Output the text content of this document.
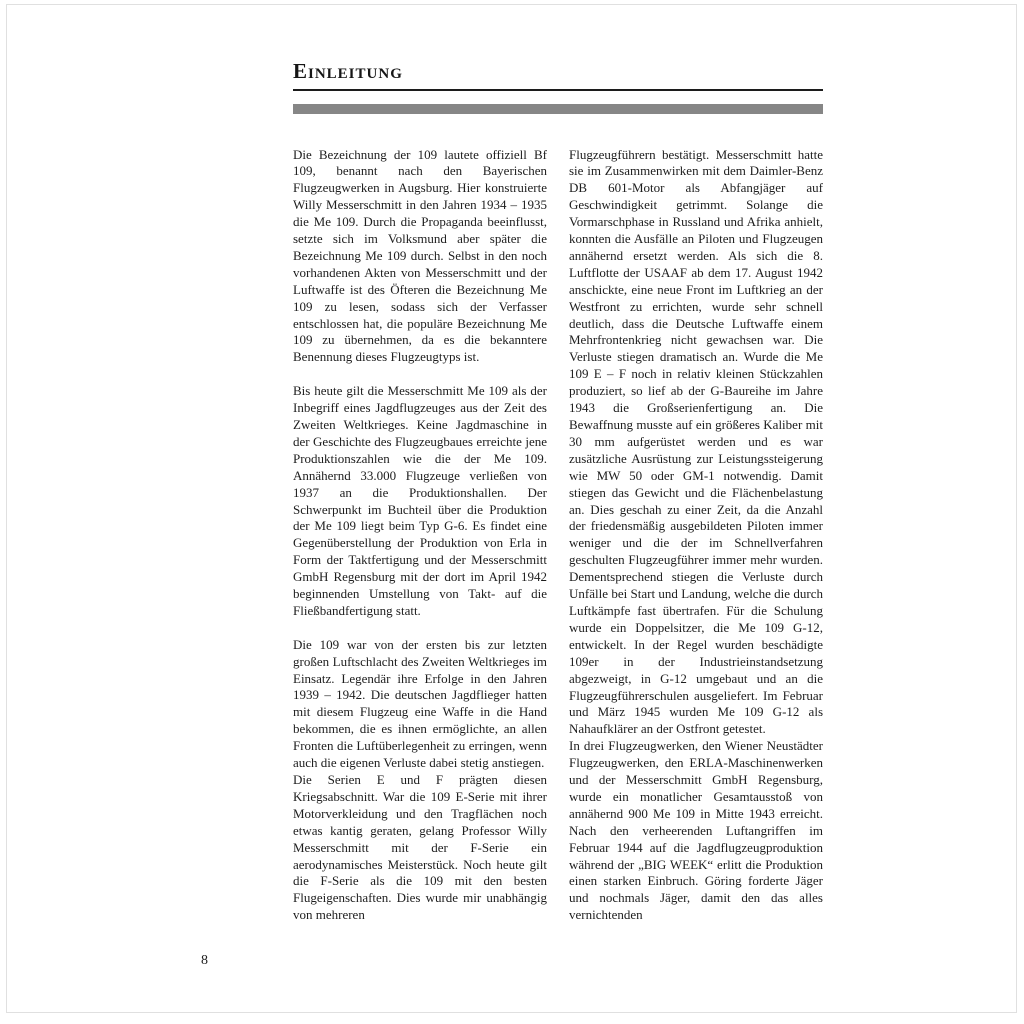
Einleitung

Die Bezeichnung der 109 lautete offiziell Bf 109, benannt nach den Bayerischen Flugzeugwerken in Augsburg. Hier konstruierte Willy Messerschmitt in den Jahren 1934 – 1935 die Me 109. Durch die Propaganda beeinflusst, setzte sich im Volksmund aber später die Bezeichnung Me 109 durch. Selbst in den noch vorhandenen Akten von Messerschmitt und der Luftwaffe ist des Öfteren die Bezeichnung Me 109 zu lesen, sodass sich der Verfasser entschlossen hat, die populäre Bezeichnung Me 109 zu übernehmen, da es die bekanntere Benennung dieses Flugzeugtyps ist.

Bis heute gilt die Messerschmitt Me 109 als der Inbegriff eines Jagdflugzeuges aus der Zeit des Zweiten Weltkrieges. Keine Jagdmaschine in der Geschichte des Flugzeugbaues erreichte jene Produktionszahlen wie die der Me 109. Annähernd 33.000 Flugzeuge verließen von 1937 an die Produktionshallen. Der Schwerpunkt im Buchteil über die Produktion der Me 109 liegt beim Typ G-6. Es findet eine Gegenüberstellung der Produktion von Erla in Form der Taktfertigung und der Messerschmitt GmbH Regensburg mit der dort im April 1942 beginnenden Umstellung von Takt- auf die Fließbandfertigung statt.

Die 109 war von der ersten bis zur letzten großen Luftschlacht des Zweiten Weltkrieges im Einsatz. Legendär ihre Erfolge in den Jahren 1939 – 1942. Die deutschen Jagdflieger hatten mit diesem Flugzeug eine Waffe in die Hand bekommen, die es ihnen ermöglichte, an allen Fronten die Luftüberlegenheit zu erringen, wenn auch die eigenen Verluste dabei stetig anstiegen.

Die Serien E und F prägten diesen Kriegsabschnitt. War die 109 E-Serie mit ihrer Motorverkleidung und den Tragflächen noch etwas kantig geraten, gelang Professor Willy Messerschmitt mit der F-Serie ein aerodynamisches Meisterstück. Noch heute gilt die F-Serie als die 109 mit den besten Flugeigenschaften. Dies wurde mir unabhängig von mehreren

Flugzeugführern bestätigt. Messerschmitt hatte sie im Zusammenwirken mit dem Daimler-Benz DB 601-Motor als Abfangjäger auf Geschwindigkeit getrimmt. Solange die Vormarschphase in Russland und Afrika anhielt, konnten die Ausfälle an Piloten und Flugzeugen annähernd ersetzt werden. Als sich die 8. Luftflotte der USAAF ab dem 17. August 1942 anschickte, eine neue Front im Luftkrieg an der Westfront zu errichten, wurde sehr schnell deutlich, dass die Deutsche Luftwaffe einem Mehrfrontenkrieg nicht gewachsen war. Die Verluste stiegen dramatisch an. Wurde die Me 109 E – F noch in relativ kleinen Stückzahlen produziert, so lief ab der G-Baureihe im Jahre 1943 die Großserienfertigung an. Die Bewaffnung musste auf ein größeres Kaliber mit 30 mm aufgerüstet werden und es war zusätzliche Ausrüstung zur Leistungssteigerung wie MW 50 oder GM-1 notwendig. Damit stiegen das Gewicht und die Flächenbelastung an. Dies geschah zu einer Zeit, da die Anzahl der friedensmäßig ausgebildeten Piloten immer weniger und die der im Schnellverfahren geschulten Flugzeugführer immer mehr wurden. Dementsprechend stiegen die Verluste durch Unfälle bei Start und Landung, welche die durch Luftkämpfe fast übertrafen. Für die Schulung wurde ein Doppelsitzer, die Me 109 G-12, entwickelt. In der Regel wurden beschädigte 109er in der Industrieinstandsetzung abgezweigt, in G-12 umgebaut und an die Flugzeugführerschulen ausgeliefert. Im Februar und März 1945 wurden Me 109 G-12 als Nahaufklärer an der Ostfront getestet.

In drei Flugzeugwerken, den Wiener Neustädter Flugzeugwerken, den ERLA-Maschinenwerken und der Messerschmitt GmbH Regensburg, wurde ein monatlicher Gesamtausstoß von annähernd 900 Me 109 in Mitte 1943 erreicht. Nach den verheerenden Luftangriffen im Februar 1944 auf die Jagdflugzeugproduktion während der „BIG WEEK“ erlitt die Produktion einen starken Einbruch. Göring forderte Jäger und nochmals Jäger, damit den das alles vernichtenden

8
